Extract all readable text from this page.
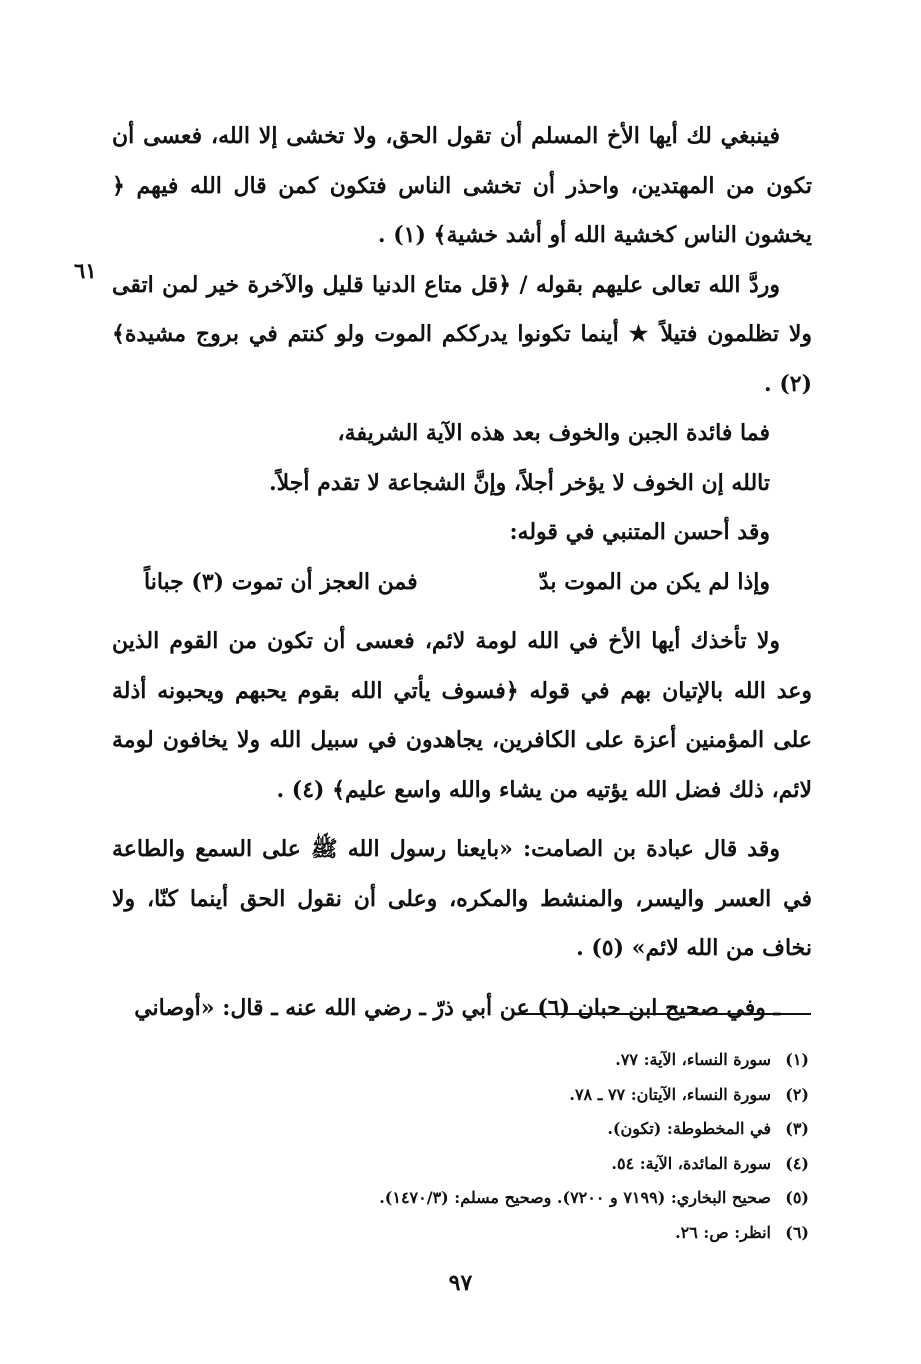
فينبغي لك أيها الأخ المسلم أن تقول الحق، ولا تخشى إلا الله، فعسى أن تكون من المهتدين، واحذر أن تخشى الناس فتكون كمن قال الله فيهم ﴿ يخشون الناس كخشية الله أو أشد خشية﴾ (١) .

وردَّ الله تعالى عليهم بقوله / ﴿قل متاع الدنيا قليل والآخرة خير لمن اتقى ولا تظلمون فتيلاً ★ أينما تكونوا يدرككم الموت ولو كنتم في بروج مشيدة﴾ (٢) .

فما فائدة الجبن والخوف بعد هذه الآية الشريفة،

تالله إن الخوف لا يؤخر أجلاً، وإنَّ الشجاعة لا تقدم أجلاً.

وقد أحسن المتنبي في قوله:

وإذا لم يكن من الموت بدّ
فمن العجز أن تموت (٣) جباناً

ولا تأخذك أيها الأخ في الله لومة لائم، فعسى أن تكون من القوم الذين وعد الله بالإتيان بهم في قوله ﴿فسوف يأتي الله بقوم يحبهم ويحبونه أذلة على المؤمنين أعزة على الكافرين، يجاهدون في سبيل الله ولا يخافون لومة لائم، ذلك فضل الله يؤتيه من يشاء والله واسع عليم﴾ (٤) .

وقد قال عبادة بن الصامت: «بايعنا رسول الله ﷺ على السمع والطاعة في العسر واليسر، والمنشط والمكره، وعلى أن نقول الحق أينما كنّا، ولا نخاف من الله لائم» (٥) .

ـ وفي صحيح ابن حبان (٦) عن أبي ذرّ ـ رضي الله عنه ـ قال: «أوصاني

٦١
(١)
سورة النساء، الآية: ٧٧.
(٢)
سورة النساء، الآيتان: ٧٧ ـ ٧٨.
(٣)
في المخطوطة: (تكون).
(٤)
سورة المائدة، الآية: ٥٤.
(٥)
صحيح البخاري: (٧١٩٩ و ٧٢٠٠). وصحيح مسلم: (١٤٧٠/٣).
(٦)
انظر: ص: ٢٦.
٩٧
